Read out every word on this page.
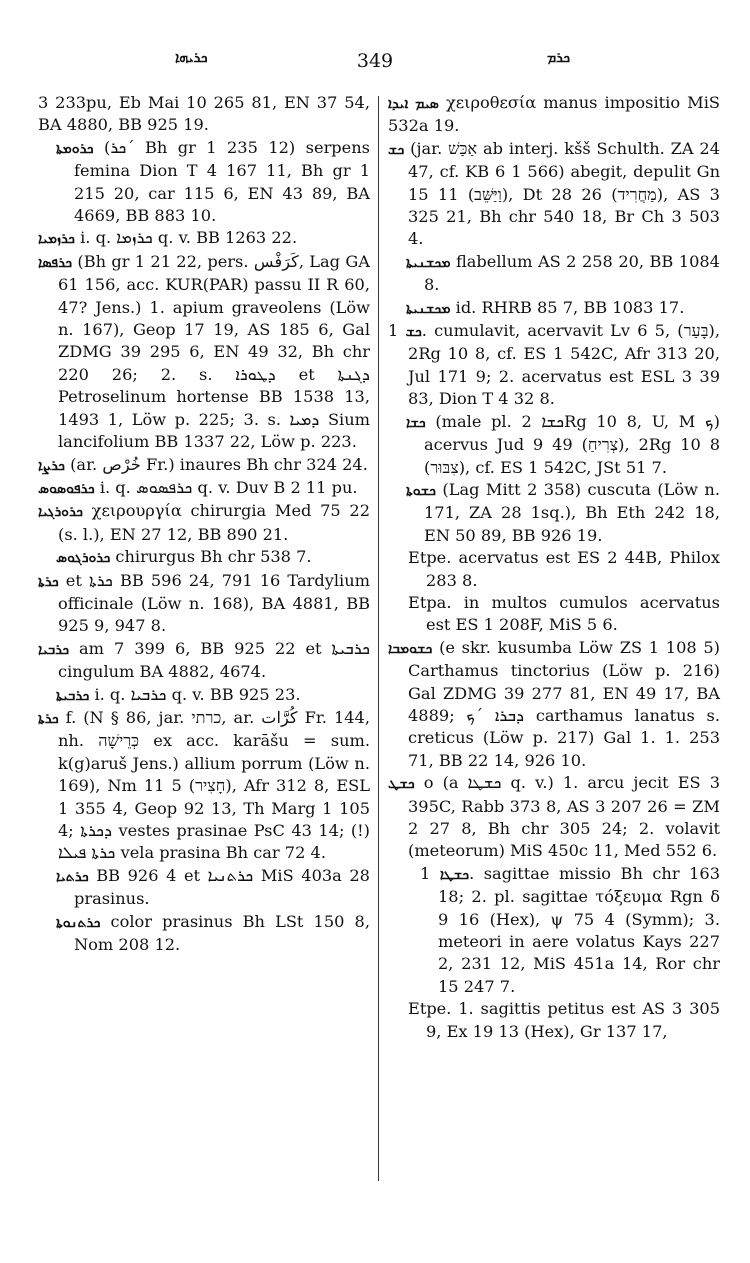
ܟܪܝܗܐ	349	ܟܪܡ

3 233pu, Eb Mai 10 265 81, EN 37 54, BA 4880, BB 925 19.

ܟܪܘܡܬܐ (ܟܪ´ Bh gr 1 235 12) serpens femina Dion T 4 167 11, Bh gr 1 215 20, car 115 6, EN 43 89, BA 4669, BB 883 10.

ܟܪܙܡܝܐ i. q. ܟܪܙܡܐ q. v. BB 1263 22.

ܟܪܦܣܐ (Bh gr 1 21 22, pers. كَرَفْس, Lag GA 61 156, acc. KUR(PAR) passu II R 60, 47? Jens.) 1. apium graveolens (Löw n. 167), Geop 17 19, AS 185 6, Gal ZDMG 39 295 6, EN 49 32, Bh chr 220 26; 2. s. ܕܛܘܪܐ et ܕܓܢܬܐ Petroselinum hortense BB 1538 13, 1493 1, Löw p. 225; 3. s. ܕܡܝܐ Sium lancifolium BB 1337 22, Löw p. 223.

ܟܪܨܐ (ar. خُرْص Fr.) inaures Bh chr 324 24.

ܟܪܦܘܣܘܣ i. q. ܟܪܦܣܘܣ q. v. Duv B 2 11 pu.

ܟܪܘܪܓܝܐ χειρουργία chirurgia Med 75 22 (s. l.), EN 27 12, BB 890 21.

ܟܪܘܪܓܘܣ chirurgus Bh chr 538 7.

ܟܪܬܐ et ܟܪܬܐ BB 596 24, 791 16 Tardylium officinale (Löw n. 168), BA 4881, BB 925 9, 947 8.

ܟܪܒܝܐ am 7 399 6, BB 925 22 et ܟܪܒܝܬܐ cingulum BA 4882, 4674.

ܟܪܒܝܬܐ i. q. ܟܪܒܝܐ q. v. BB 925 23.

ܟܪܬܐ f. (N § 86, jar. כרתי, ar. كُرَّات Fr. 144, nh. כְּרֵישָׁה ex acc. karāšu = sum. k(g)aruš Jens.) allium porrum (Löw n. 169), Nm 11 5 (חָצִיר), Afr 312 8, ESL 1 355 4, Geop 92 13, Th Marg 1 105 4; ܕܟܪܬܐ vestes prasinae PsC 43 14; (!) ܟܪܬܐ ܦܝܠܐ vela prasina Bh car 72 4.

ܟܪܬܝܐ BB 926 4 et ܟܪܬܢܝܐ MiS 403a 28 prasinus.

ܟܪܬܢܘܬܐ color prasinus Bh LSt 150 8, Nom 208 12.

ܣܝܡ ܐܝܕܐ χειροθεσία manus impositio MiS 532a 19.

ܟܫ (jar. אַכַּשׁ ab interj. kšš Schulth. ZA 24 47, cf. KB 6 1 566) abegit, depulit Gn 15 11 (וַיַּשֵּׁב), Dt 28 26 (מַחֲרִיד), AS 3 325 21, Bh chr 540 18, Br Ch 3 503 4.

ܡܟܫܢܝܬܐ flabellum AS 2 258 20, BB 1084 8.

ܡܟܫܢܝܬܐ id. RHRB 85 7, BB 1083 17.

ܟܫ 1. cumulavit, acervavit Lv 6 5, (בָּעַר), 2Rg 10 8, cf. ES 1 542C, Afr 313 20, Jul 171 9; 2. acervatus est ESL 3 39 83, Dion T 4 32 8.

ܟܫܐ (male pl. ܟܫܐ 2Rg 10 8, U, M ܟ) acervus Jud 9 49 (צְרִיחַ), 2Rg 10 8 (צִבּוּר), cf. ES 1 542C, JSt 51 7.

ܟܫܘܬܐ (Lag Mitt 2 358) cuscuta (Löw n. 171, ZA 28 1sq.), Bh Eth 242 18, EN 50 89, BB 926 19.

Etpe. acervatus est ES 2 44B, Philox 283 8.

Etpa. in multos cumulos acervatus est ES 1 208F, MiS 5 6.

ܟܫܘܡܒܐ (e skr. kusumba Löw ZS 1 108 5) Carthamus tinctorius (Löw p. 216) Gal ZDMG 39 277 81, EN 49 17, BA 4889; ܕܒܪܐ ´ܟ carthamus lanatus s. creticus (Löw p. 217) Gal 1. 1. 253 71, BB 22 14, 926 10.

ܟܫܛ o (a ܟܫܛܐ q. v.) 1. arcu jecit ES 3 395C, Rabb 373 8, AS 3 207 26 = ZM 2 27 8, Bh chr 305 24; 2. volavit (meteorum) MiS 450c 11, Med 552 6.

ܟܫܛܐ 1. sagittae missio Bh chr 163 18; 2. pl. sagittae τόξευμα Rgn δ 9 16 (Hex), ψ 75 4 (Symm); 3. meteori in aere volatus Kays 227 2, 231 12, MiS 451a 14, Ror chr 15 247 7.

Etpe. 1. sagittis petitus est AS 3 305 9, Ex 19 13 (Hex), Gr 137 17,
